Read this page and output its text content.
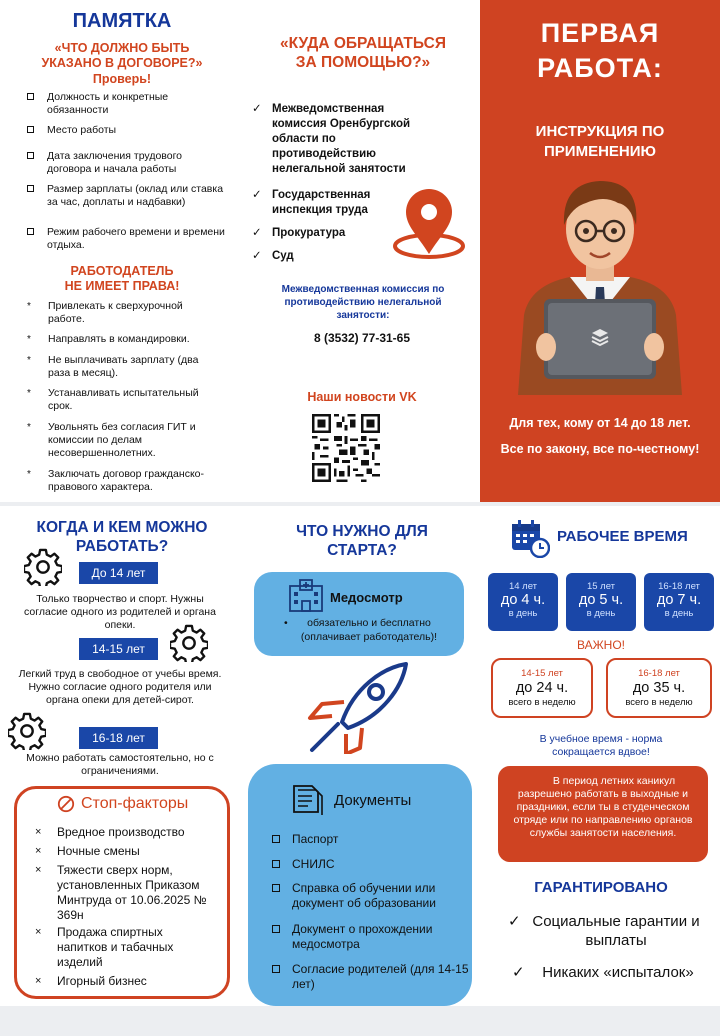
ПАМЯТКА
«ЧТО ДОЛЖНО БЫТЬ УКАЗАНО В ДОГОВОРЕ?»
Проверь!
Должность и конкретные обязанности
Место работы
Дата заключения трудового договора и начала работы
Размер зарплаты (оклад или ставка за час, доплаты и надбавки)
Режим рабочего времени и времени отдыха.
РАБОТОДАТЕЛЬ
НЕ ИМЕЕТ ПРАВА!
* Привлекать к сверхурочной работе.
* Направлять в командировки.
* Не выплачивать зарплату (два раза в месяц).
* Устанавливать испытательный срок.
* Увольнять без согласия ГИТ и комиссии по делам несовершеннолетних.
* Заключать договор гражданско-правового характера.
«КУДА ОБРАЩАТЬСЯ ЗА ПОМОЩЬЮ?»
✓ Межведомственная комиссия Оренбургской области по противодействию нелегальной занятости
✓ Государственная инспекция труда
✓ Прокуратура
✓ Суд
Межведомственная комиссия по противодействию нелегальной занятости:
8 (3532) 77-31-65
Наши новости VK
ПЕРВАЯ
РАБОТА:
ИНСТРУКЦИЯ ПО ПРИМЕНЕНИЮ
Для тех, кому от 14 до 18 лет.
Все по закону, все по-честному!
КОГДА И КЕМ МОЖНО РАБОТАТЬ?
До 14 лет
Только творчество и спорт. Нужны согласие одного из родителей и органа опеки.
14-15 лет
Легкий труд в свободное от учебы время. Нужно согласие одного родителя или органа опеки для детей-сирот.
16-18 лет
Можно работать самостоятельно, но с ограничениями.
Стоп-факторы
× Вредное производство
× Ночные смены
× Тяжести сверх норм, установленных Приказом Минтруда от 10.06.2025 № 369н
× Продажа спиртных напитков и табачных изделий
× Игорный бизнес
ЧТО НУЖНО ДЛЯ СТАРТА?
Медосмотр
• обязательно и бесплатно (оплачивает работодатель)!
Документы
Паспорт
СНИЛС
Справка об обучении или документ об образовании
Документ о прохождении медосмотра
Согласие родителей (для 14-15 лет)
РАБОЧЕЕ ВРЕМЯ
14 лет
до 4 ч.
в день
15 лет
до 5 ч.
в день
16-18 лет
до 7 ч.
в день
ВАЖНО!
14-15 лет
до 24 ч.
всего в неделю
16-18 лет
до 35 ч.
всего в неделю
В учебное время - норма сокращается вдвое!
В период летних каникул разрешено работать в выходные и праздники, если ты в студенческом отряде или по направлению органов службы занятости населения.
ГАРАНТИРОВАНО
✓ Социальные гарантии и выплаты
✓	Никаких «испыталок»
